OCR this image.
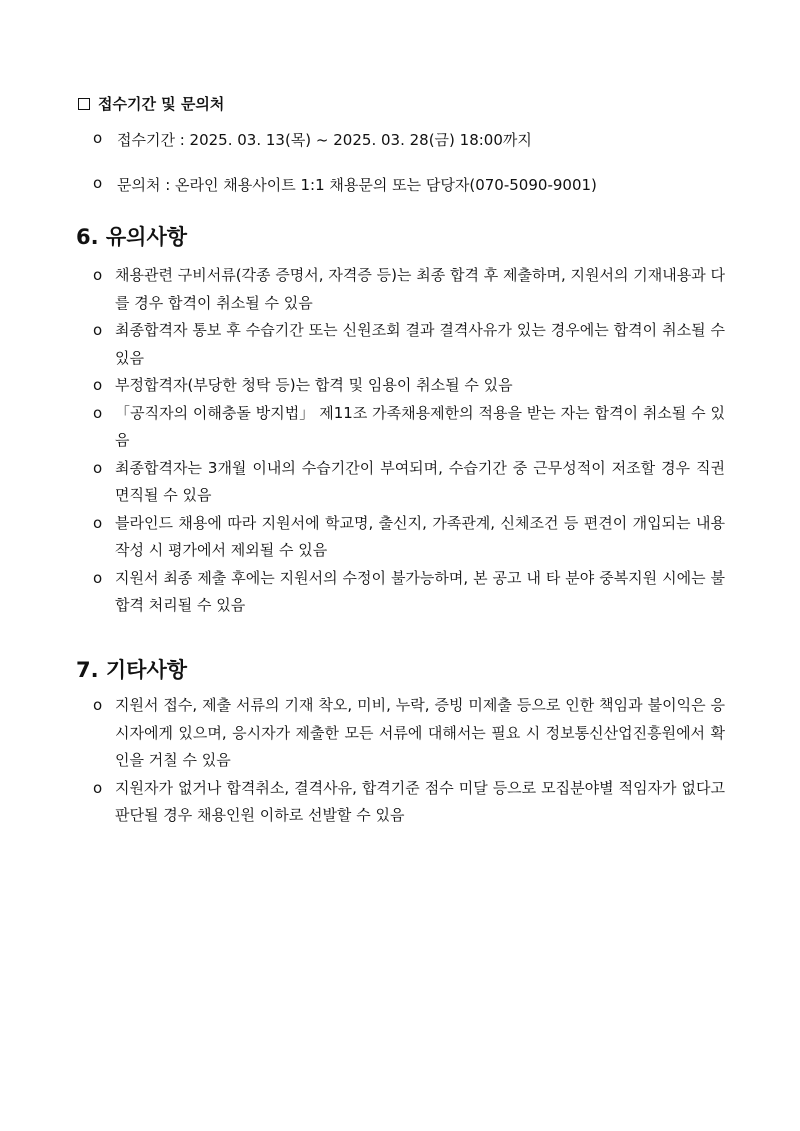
접수기간 및 문의처
o 접수기간 : 2025. 03. 13(목) ~ 2025. 03. 28(금) 18:00까지
o 문의처 : 온라인 채용사이트 1:1 채용문의 또는 담당자(070-5090-9001)
6. 유의사항
o 채용관련 구비서류(각종 증명서, 자격증 등)는 최종 합격 후 제출하며, 지원서의 기재내용과 다를 경우 합격이 취소될 수 있음
o 최종합격자 통보 후 수습기간 또는 신원조회 결과 결격사유가 있는 경우에는 합격이 취소될 수 있음
o 부정합격자(부당한 청탁 등)는 합격 및 임용이 취소될 수 있음
o 「공직자의 이해충돌 방지법」 제11조 가족채용제한의 적용을 받는 자는 합격이 취소될 수 있음
o 최종합격자는 3개월 이내의 수습기간이 부여되며, 수습기간 중 근무성적이 저조할 경우 직권 면직될 수 있음
o 블라인드 채용에 따라 지원서에 학교명, 출신지, 가족관계, 신체조건 등 편견이 개입되는 내용 작성 시 평가에서 제외될 수 있음
o 지원서 최종 제출 후에는 지원서의 수정이 불가능하며, 본 공고 내 타 분야 중복지원 시에는 불합격 처리될 수 있음
7. 기타사항
o 지원서 접수, 제출 서류의 기재 착오, 미비, 누락, 증빙 미제출 등으로 인한 책임과 불이익은 응시자에게 있으며, 응시자가 제출한 모든 서류에 대해서는 필요 시 정보통신산업진흥원에서 확인을 거칠 수 있음
o 지원자가 없거나 합격취소, 결격사유, 합격기준 점수 미달 등으로 모집분야별 적임자가 없다고 판단될 경우 채용인원 이하로 선발할 수 있음
